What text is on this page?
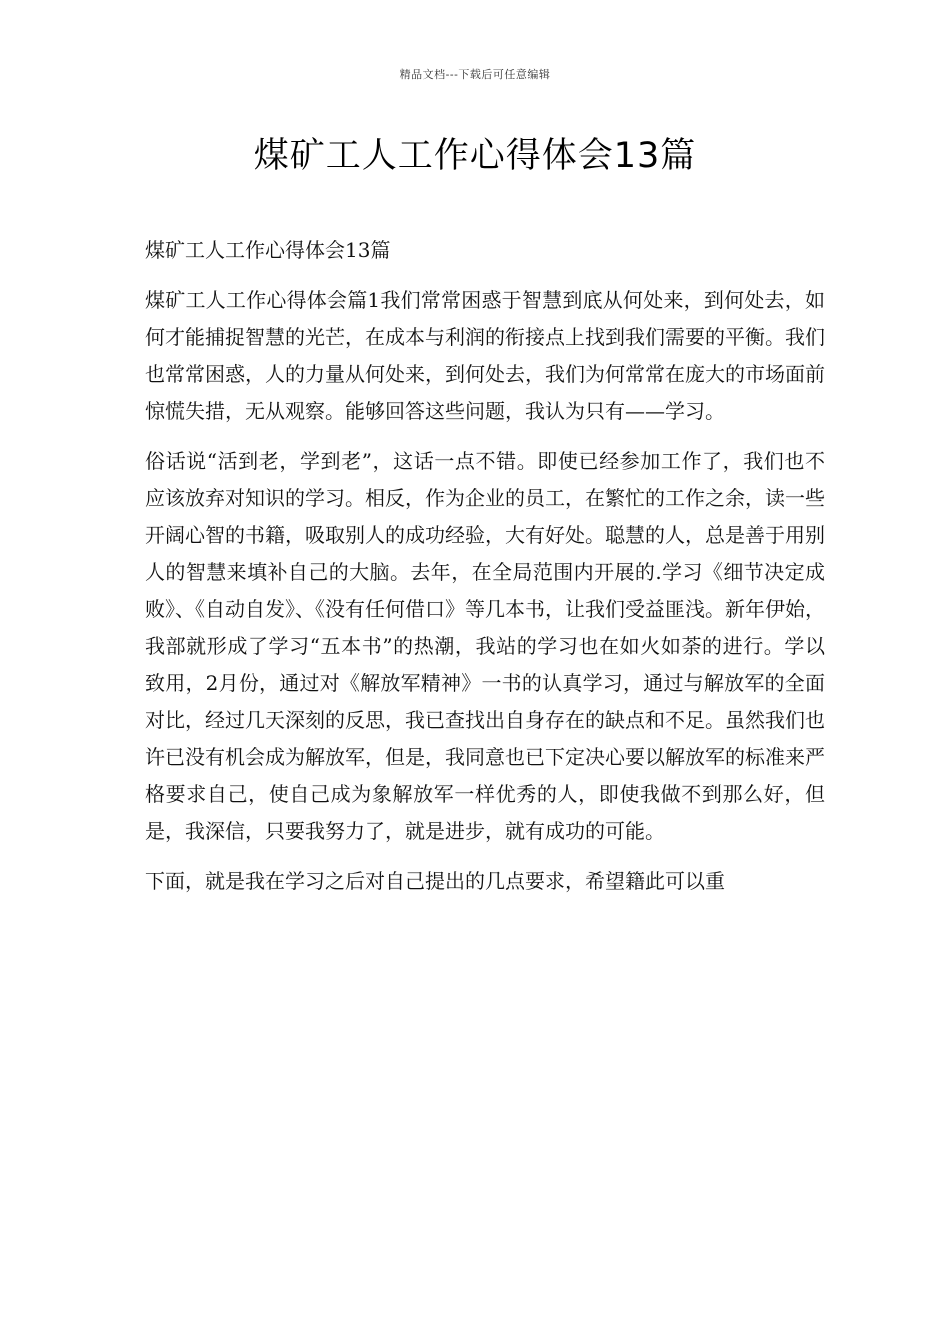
精品文档---下载后可任意编辑
煤矿工人工作心得体会13篇

煤矿工人工作心得体会13篇

煤矿工人工作心得体会篇1我们常常困惑于智慧到底从何处来，到何处去，如何才能捕捉智慧的光芒，在成本与利润的衔接点上找到我们需要的平衡。我们也常常困惑，人的力量从何处来，到何处去，我们为何常常在庞大的市场面前惊慌失措，无从观察。能够回答这些问题，我认为只有——学习。

俗话说“活到老，学到老”，这话一点不错。即使已经参加工作了，我们也不应该放弃对知识的学习。相反，作为企业的员工，在繁忙的工作之余，读一些开阔心智的书籍，吸取别人的成功经验，大有好处。聪慧的人，总是善于用别人的智慧来填补自己的大脑。去年，在全局范围内开展的.学习《细节决定成败》、《自动自发》、《没有任何借口》等几本书，让我们受益匪浅。新年伊始，我部就形成了学习“五本书”的热潮，我站的学习也在如火如荼的进行。学以致用，2月份，通过对《解放军精神》一书的认真学习，通过与解放军的全面对比，经过几天深刻的反思，我已查找出自身存在的缺点和不足。虽然我们也许已没有机会成为解放军，但是，我同意也已下定决心要以解放军的标准来严格要求自己，使自己成为象解放军一样优秀的人，即使我做不到那么好，但是，我深信，只要我努力了，就是进步，就有成功的可能。

下面，就是我在学习之后对自己提出的几点要求，希望籍此可以重
